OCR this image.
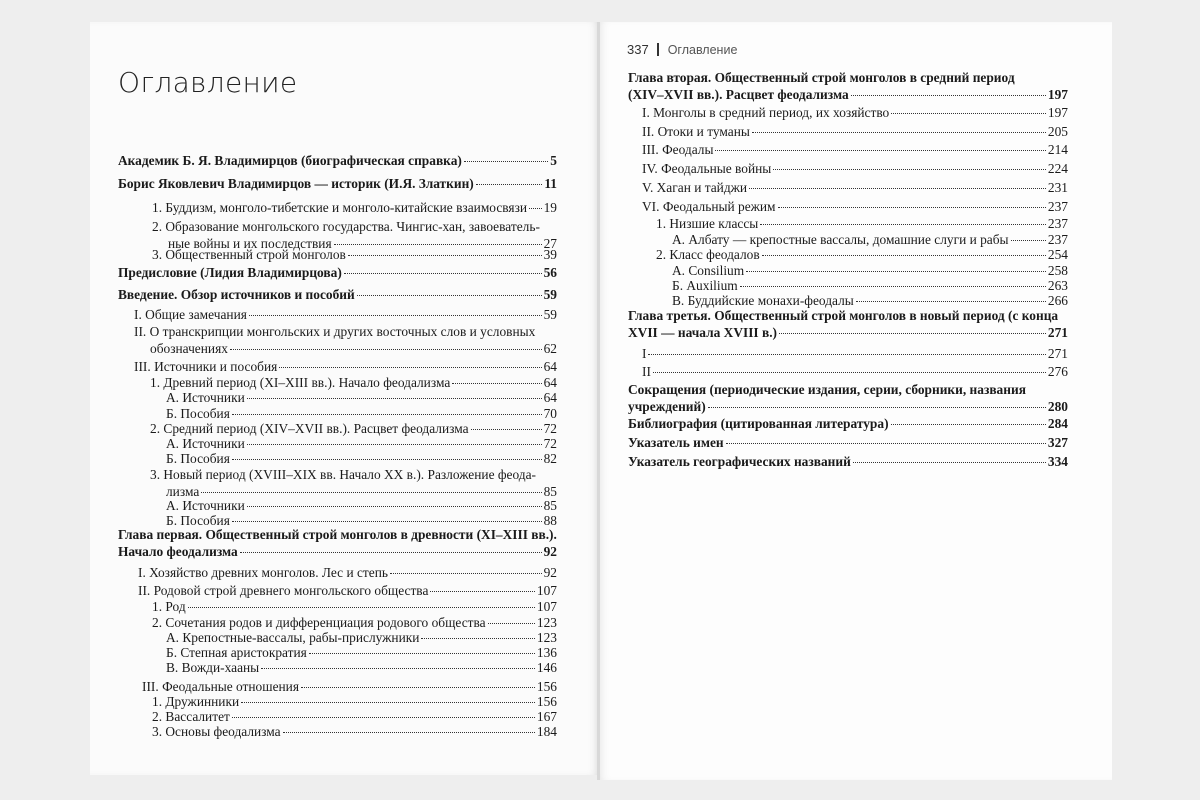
Оглавление
Академик Б. Я. Владимирцов (биографическая справка)	5
Борис Яковлевич Владимирцов — историк (И.Я. Златкин)	11
1. Буддизм, монголо-тибетские и монголо-китайские взаимосвязи 19
2. Образование монгольского государства. Чингис-хан, завоеватель-
ные войны и их последствия	27
3. Общественный строй монголов	39
Предисловие (Лидия Владимирцова)	56
Введение. Обзор источников и пособий	59
I. Общие замечания	59
II. О транскрипции монгольских и других восточных слов и условных
обозначениях	62
III. Источники и пособия	64
1. Древний период (XI–XIII вв.). Начало феодализма	64
А. Источники	64
Б. Пособия	70
2. Средний период (XIV–XVII вв.). Расцвет феодализма	72
А. Источники	72
Б. Пособия	82
3. Новый период (XVIII–XIX вв. Начало XX в.). Разложение феода-
лизма	85
А. Источники	85
Б. Пособия	88
Глава первая. Общественный строй монголов в древности (XI–XIII вв.).
Начало феодализма	92
I. Хозяйство древних монголов. Лес и степь	92
II. Родовой строй древнего монгольского общества	107
1. Род	107
2. Сочетания родов и дифференциация родового общества	123
А. Крепостные-вассалы, рабы-прислужники	123
Б. Степная аристократия	136
В. Вожди-хааны	146
III. Феодальные отношения	156
1. Дружинники	156
2. Вассалитет	167
3. Основы феодализма	184
337 Оглавление
Глава вторая. Общественный строй монголов в средний период
(XIV–XVII вв.). Расцвет феодализма	197
I. Монголы в средний период, их хозяйство	197
II. Отоки и туманы	205
III. Феодалы	214
IV. Феодальные войны	224
V. Хаган и тайджи	231
VI. Феодальный режим	237
1. Низшие классы	237
А. Албату — крепостные вассалы, домашние слуги и рабы	237
2. Класс феодалов	254
А. Consilium	258
Б. Auxilium	263
В. Буддийские монахи-феодалы	266
Глава третья. Общественный строй монголов в новый период (с конца
XVII — начала XVIII в.)	271
I	271
II	276
Сокращения (периодические издания, серии, сборники, названия
учреждений)	280
Библиография (цитированная литература)	284
Указатель имен	327
Указатель географических названий	334
